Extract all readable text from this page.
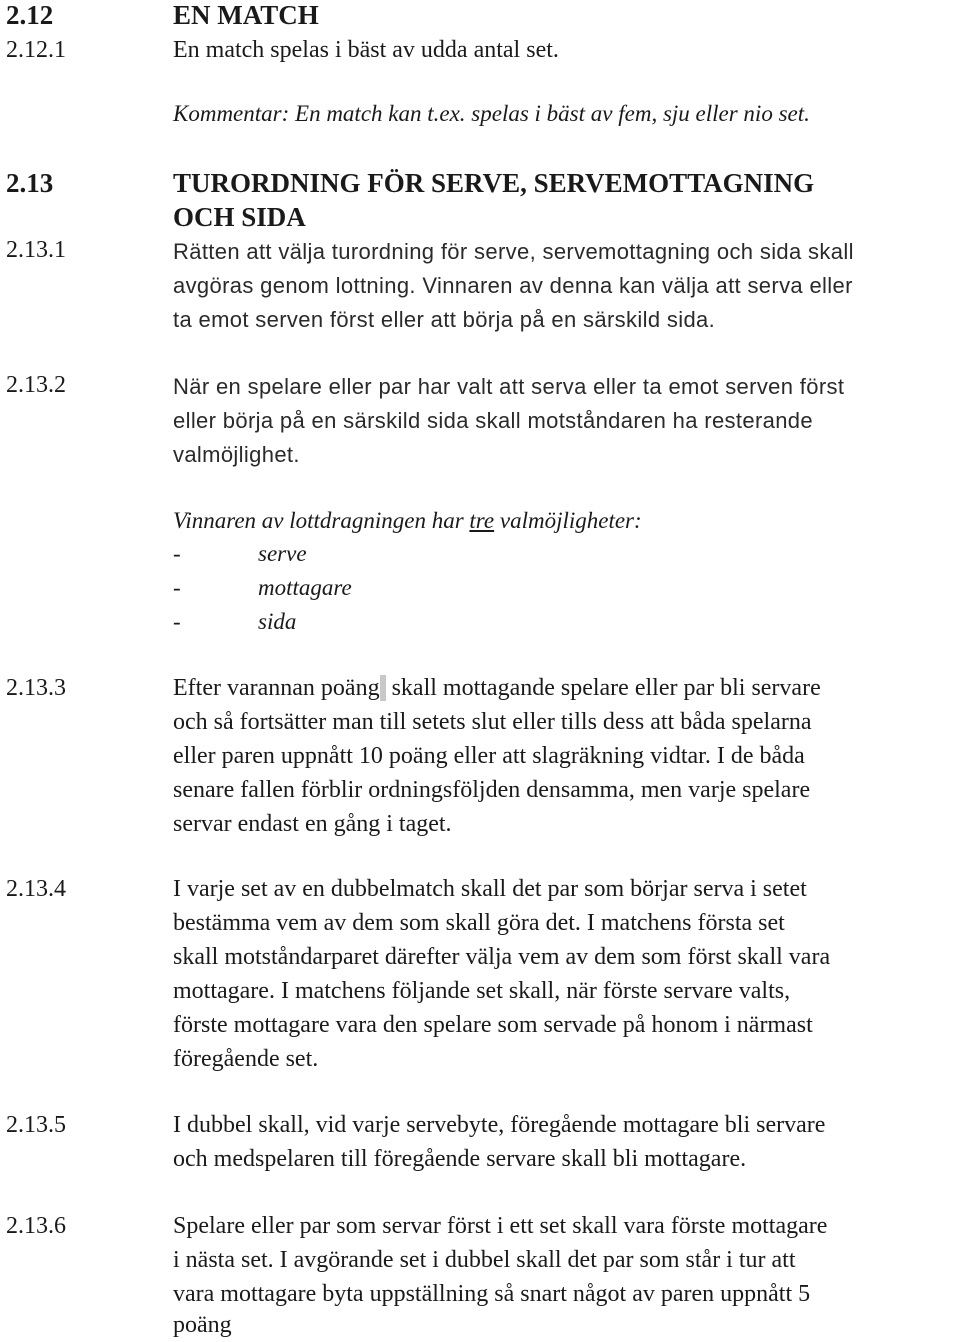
2.12	EN MATCH
2.12.1	En match spelas i bäst av udda antal set.
Kommentar: En match kan t.ex. spelas i bäst av fem, sju eller nio set.
2.13	TURORDNING FÖR SERVE, SERVEMOTTAGNING
OCH SIDA
2.13.1	Rätten att välja turordning för serve, servemottagning och sida skall
avgöras genom lottning. Vinnaren av denna kan välja att serva eller
ta emot serven först eller att börja på en särskild sida.
2.13.2	När en spelare eller par har valt att serva eller ta emot serven först
eller börja på en särskild sida skall motståndaren ha resterande
valmöjlighet.
Vinnaren av lottdragningen har tre valmöjligheter:
-	serve
-	mottagare
-	sida
2.13.3	Efter varannan poäng  skall mottagande spelare eller par bli servare
och så fortsätter man till setets slut eller tills dess att båda spelarna
eller paren uppnått 10 poäng eller att slagräkning vidtar. I de båda
senare fallen förblir ordningsföljden densamma, men varje spelare
servar endast en gång i taget.
2.13.4	I varje set av en dubbelmatch skall det par som börjar serva i setet
bestämma vem av dem som skall göra det. I matchens första set
skall motståndarparet därefter välja vem av dem som först skall vara
mottagare. I matchens följande set skall, när förste servare valts,
förste mottagare vara den spelare som servade på honom i närmast
föregående set.
2.13.5	I dubbel skall, vid varje servebyte, föregående mottagare bli servare
och medspelaren till föregående servare skall bli mottagare.
2.13.6	Spelare eller par som servar först i ett set skall vara förste mottagare
i nästa set. I avgörande set i dubbel skall det par som står i tur att
vara mottagare byta uppställning så snart något av paren uppnått 5
poäng
